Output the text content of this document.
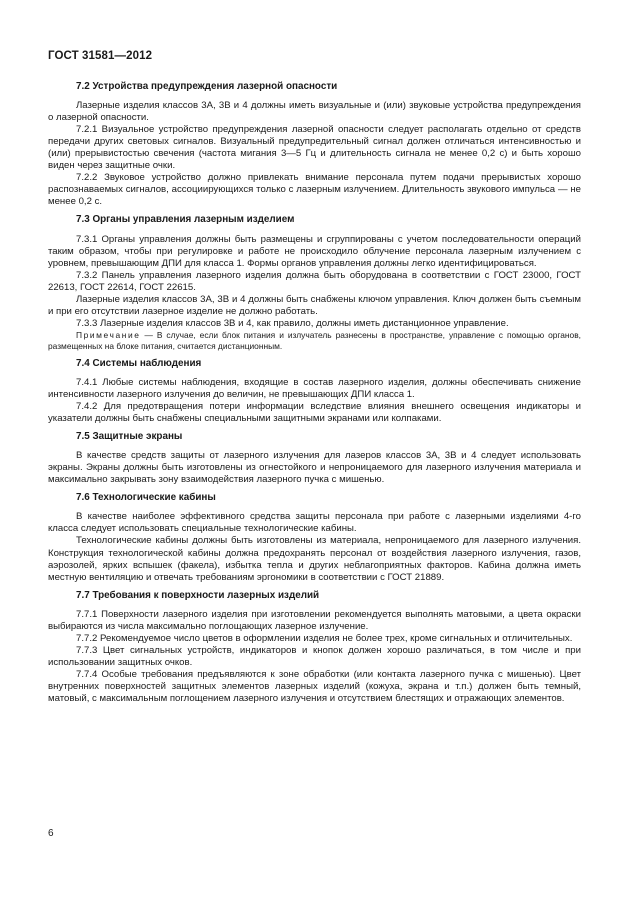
ГОСТ 31581—2012
7.2 Устройства предупреждения лазерной опасности

Лазерные изделия классов 3А, 3В и 4 должны иметь визуальные и (или) звуковые устройства предупреждения о лазерной опасности.

7.2.1 Визуальное устройство предупреждения лазерной опасности следует располагать отдельно от средств передачи других световых сигналов. Визуальный предупредительный сигнал должен отличаться интенсивностью и (или) прерывистостью свечения (частота мигания 3—5 Гц и длительность сигнала не менее 0,2 с) и быть хорошо виден через защитные очки.

7.2.2 Звуковое устройство должно привлекать внимание персонала путем подачи прерывистых хорошо распознаваемых сигналов, ассоциирующихся только с лазерным излучением. Длительность звукового импульса — не менее 0,2 с.

7.3 Органы управления лазерным изделием

7.3.1 Органы управления должны быть размещены и сгруппированы с учетом последовательности операций таким образом, чтобы при регулировке и работе не происходило облучение персонала лазерным излучением с уровнем, превышающим ДПИ для класса 1. Формы органов управления должны легко идентифицироваться.

7.3.2 Панель управления лазерного изделия должна быть оборудована в соответствии с ГОСТ 23000, ГОСТ 22613, ГОСТ 22614, ГОСТ 22615.

Лазерные изделия классов 3А, 3В и 4 должны быть снабжены ключом управления. Ключ должен быть съемным и при его отсутствии лазерное изделие не должно работать.

7.3.3 Лазерные изделия классов 3В и 4, как правило, должны иметь дистанционное управление.

Примечание — В случае, если блок питания и излучатель разнесены в пространстве, управление с помощью органов, размещенных на блоке питания, считается дистанционным.

7.4 Системы наблюдения

7.4.1 Любые системы наблюдения, входящие в состав лазерного изделия, должны обеспечивать снижение интенсивности лазерного излучения до величин, не превышающих ДПИ класса 1.

7.4.2 Для предотвращения потери информации вследствие влияния внешнего освещения индикаторы и указатели должны быть снабжены специальными защитными экранами или колпаками.

7.5 Защитные экраны

В качестве средств защиты от лазерного излучения для лазеров классов 3А, 3В и 4 следует использовать экраны. Экраны должны быть изготовлены из огнестойкого и непроницаемого для лазерного излучения материала и максимально закрывать зону взаимодействия лазерного пучка с мишенью.

7.6 Технологические кабины

В качестве наиболее эффективного средства защиты персонала при работе с лазерными изделиями 4-го класса следует использовать специальные технологические кабины.

Технологические кабины должны быть изготовлены из материала, непроницаемого для лазерного излучения. Конструкция технологической кабины должна предохранять персонал от воздействия лазерного излучения, газов, аэрозолей, ярких вспышек (факела), избытка тепла и других неблагоприятных факторов. Кабина должна иметь местную вентиляцию и отвечать требованиям эргономики в соответствии с ГОСТ 21889.

7.7 Требования к поверхности лазерных изделий

7.7.1 Поверхности лазерного изделия при изготовлении рекомендуется выполнять матовыми, а цвета окраски выбираются из числа максимально поглощающих лазерное излучение.

7.7.2 Рекомендуемое число цветов в оформлении изделия не более трех, кроме сигнальных и отличительных.

7.7.3 Цвет сигнальных устройств, индикаторов и кнопок должен хорошо различаться, в том числе и при использовании защитных очков.

7.7.4 Особые требования предъявляются к зоне обработки (или контакта лазерного пучка с мишенью). Цвет внутренних поверхностей защитных элементов лазерных изделий (кожуха, экрана и т.п.) должен быть темный, матовый, с максимальным поглощением лазерного излучения и отсутствием блестящих и отражающих элементов.

6
